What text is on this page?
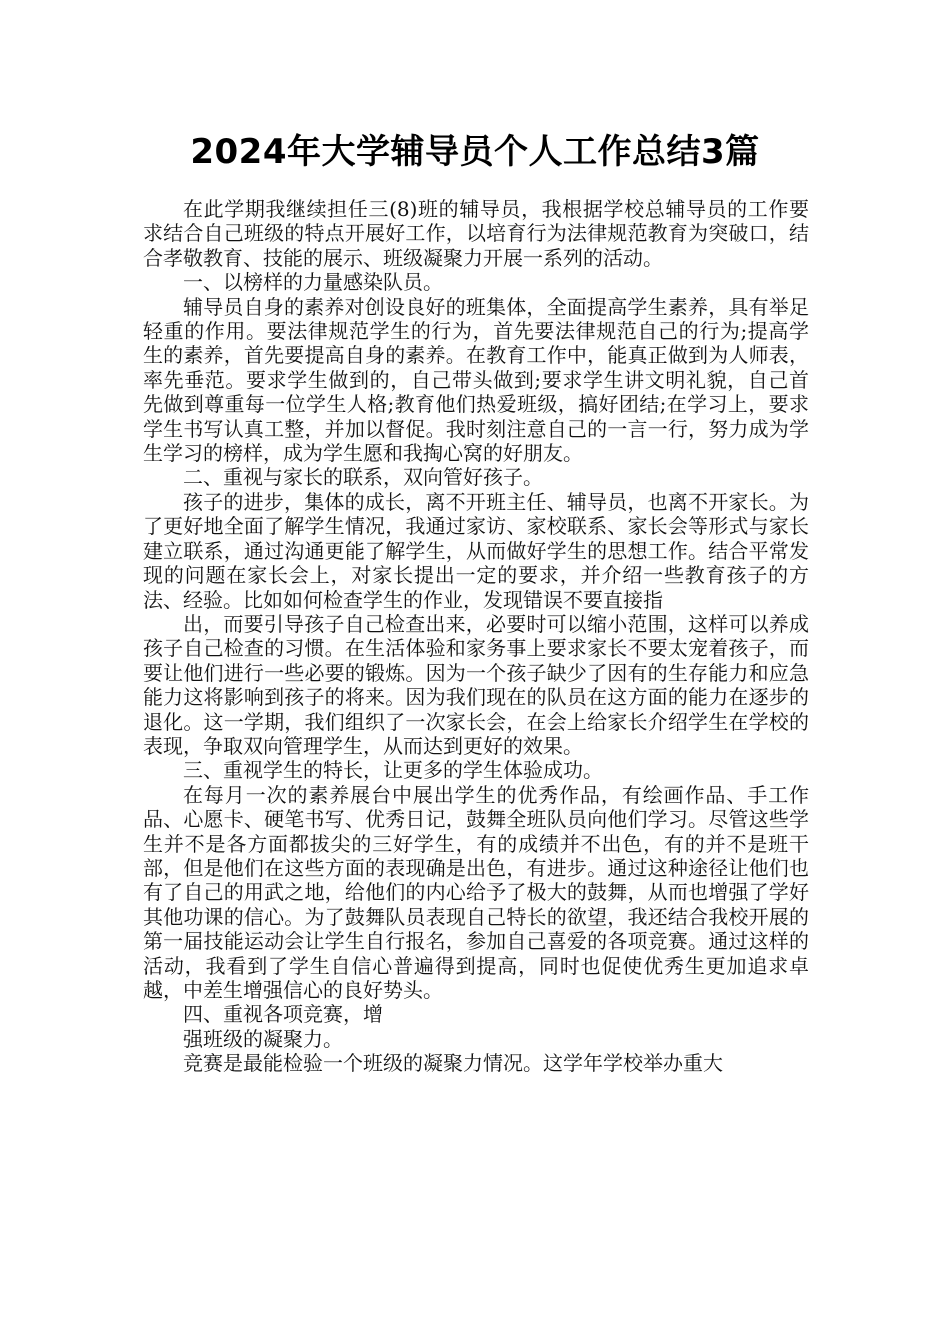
2024年大学辅导员个人工作总结3篇

在此学期我继续担任三(8)班的辅导员，我根据学校总辅导员的工作要求结合自己班级的特点开展好工作，以培育行为法律规范教育为突破口，结合孝敬教育、技能的展示、班级凝聚力开展一系列的活动。

一、以榜样的力量感染队员。

辅导员自身的素养对创设良好的班集体，全面提高学生素养，具有举足轻重的作用。要法律规范学生的行为，首先要法律规范自己的行为;提高学生的素养，首先要提高自身的素养。在教育工作中，能真正做到为人师表，率先垂范。要求学生做到的，自己带头做到;要求学生讲文明礼貌，自己首先做到尊重每一位学生人格;教育他们热爱班级，搞好团结;在学习上，要求学生书写认真工整，并加以督促。我时刻注意自己的一言一行，努力成为学生学习的榜样，成为学生愿和我掏心窝的好朋友。

二、重视与家长的联系，双向管好孩子。

孩子的进步，集体的成长，离不开班主任、辅导员，也离不开家长。为了更好地全面了解学生情况，我通过家访、家校联系、家长会等形式与家长建立联系，通过沟通更能了解学生，从而做好学生的思想工作。结合平常发现的问题在家长会上，对家长提出一定的要求，并介绍一些教育孩子的方法、经验。比如如何检查学生的作业，发现错误不要直接指

出，而要引导孩子自己检查出来，必要时可以缩小范围，这样可以养成孩子自己检查的习惯。在生活体验和家务事上要求家长不要太宠着孩子，而要让他们进行一些必要的锻炼。因为一个孩子缺少了因有的生存能力和应急能力这将影响到孩子的将来。因为我们现在的队员在这方面的能力在逐步的退化。这一学期，我们组织了一次家长会，在会上给家长介绍学生在学校的表现，争取双向管理学生，从而达到更好的效果。

三、重视学生的特长，让更多的学生体验成功。

在每月一次的素养展台中展出学生的优秀作品，有绘画作品、手工作品、心愿卡、硬笔书写、优秀日记，鼓舞全班队员向他们学习。尽管这些学生并不是各方面都拔尖的三好学生，有的成绩并不出色，有的并不是班干部，但是他们在这些方面的表现确是出色，有进步。通过这种途径让他们也有了自己的用武之地，给他们的内心给予了极大的鼓舞，从而也增强了学好其他功课的信心。为了鼓舞队员表现自己特长的欲望，我还结合我校开展的第一届技能运动会让学生自行报名，参加自己喜爱的各项竞赛。通过这样的活动，我看到了学生自信心普遍得到提高，同时也促使优秀生更加追求卓越，中差生增强信心的良好势头。

四、重视各项竞赛，增

强班级的凝聚力。

竞赛是最能检验一个班级的凝聚力情况。这学年学校举办重大
